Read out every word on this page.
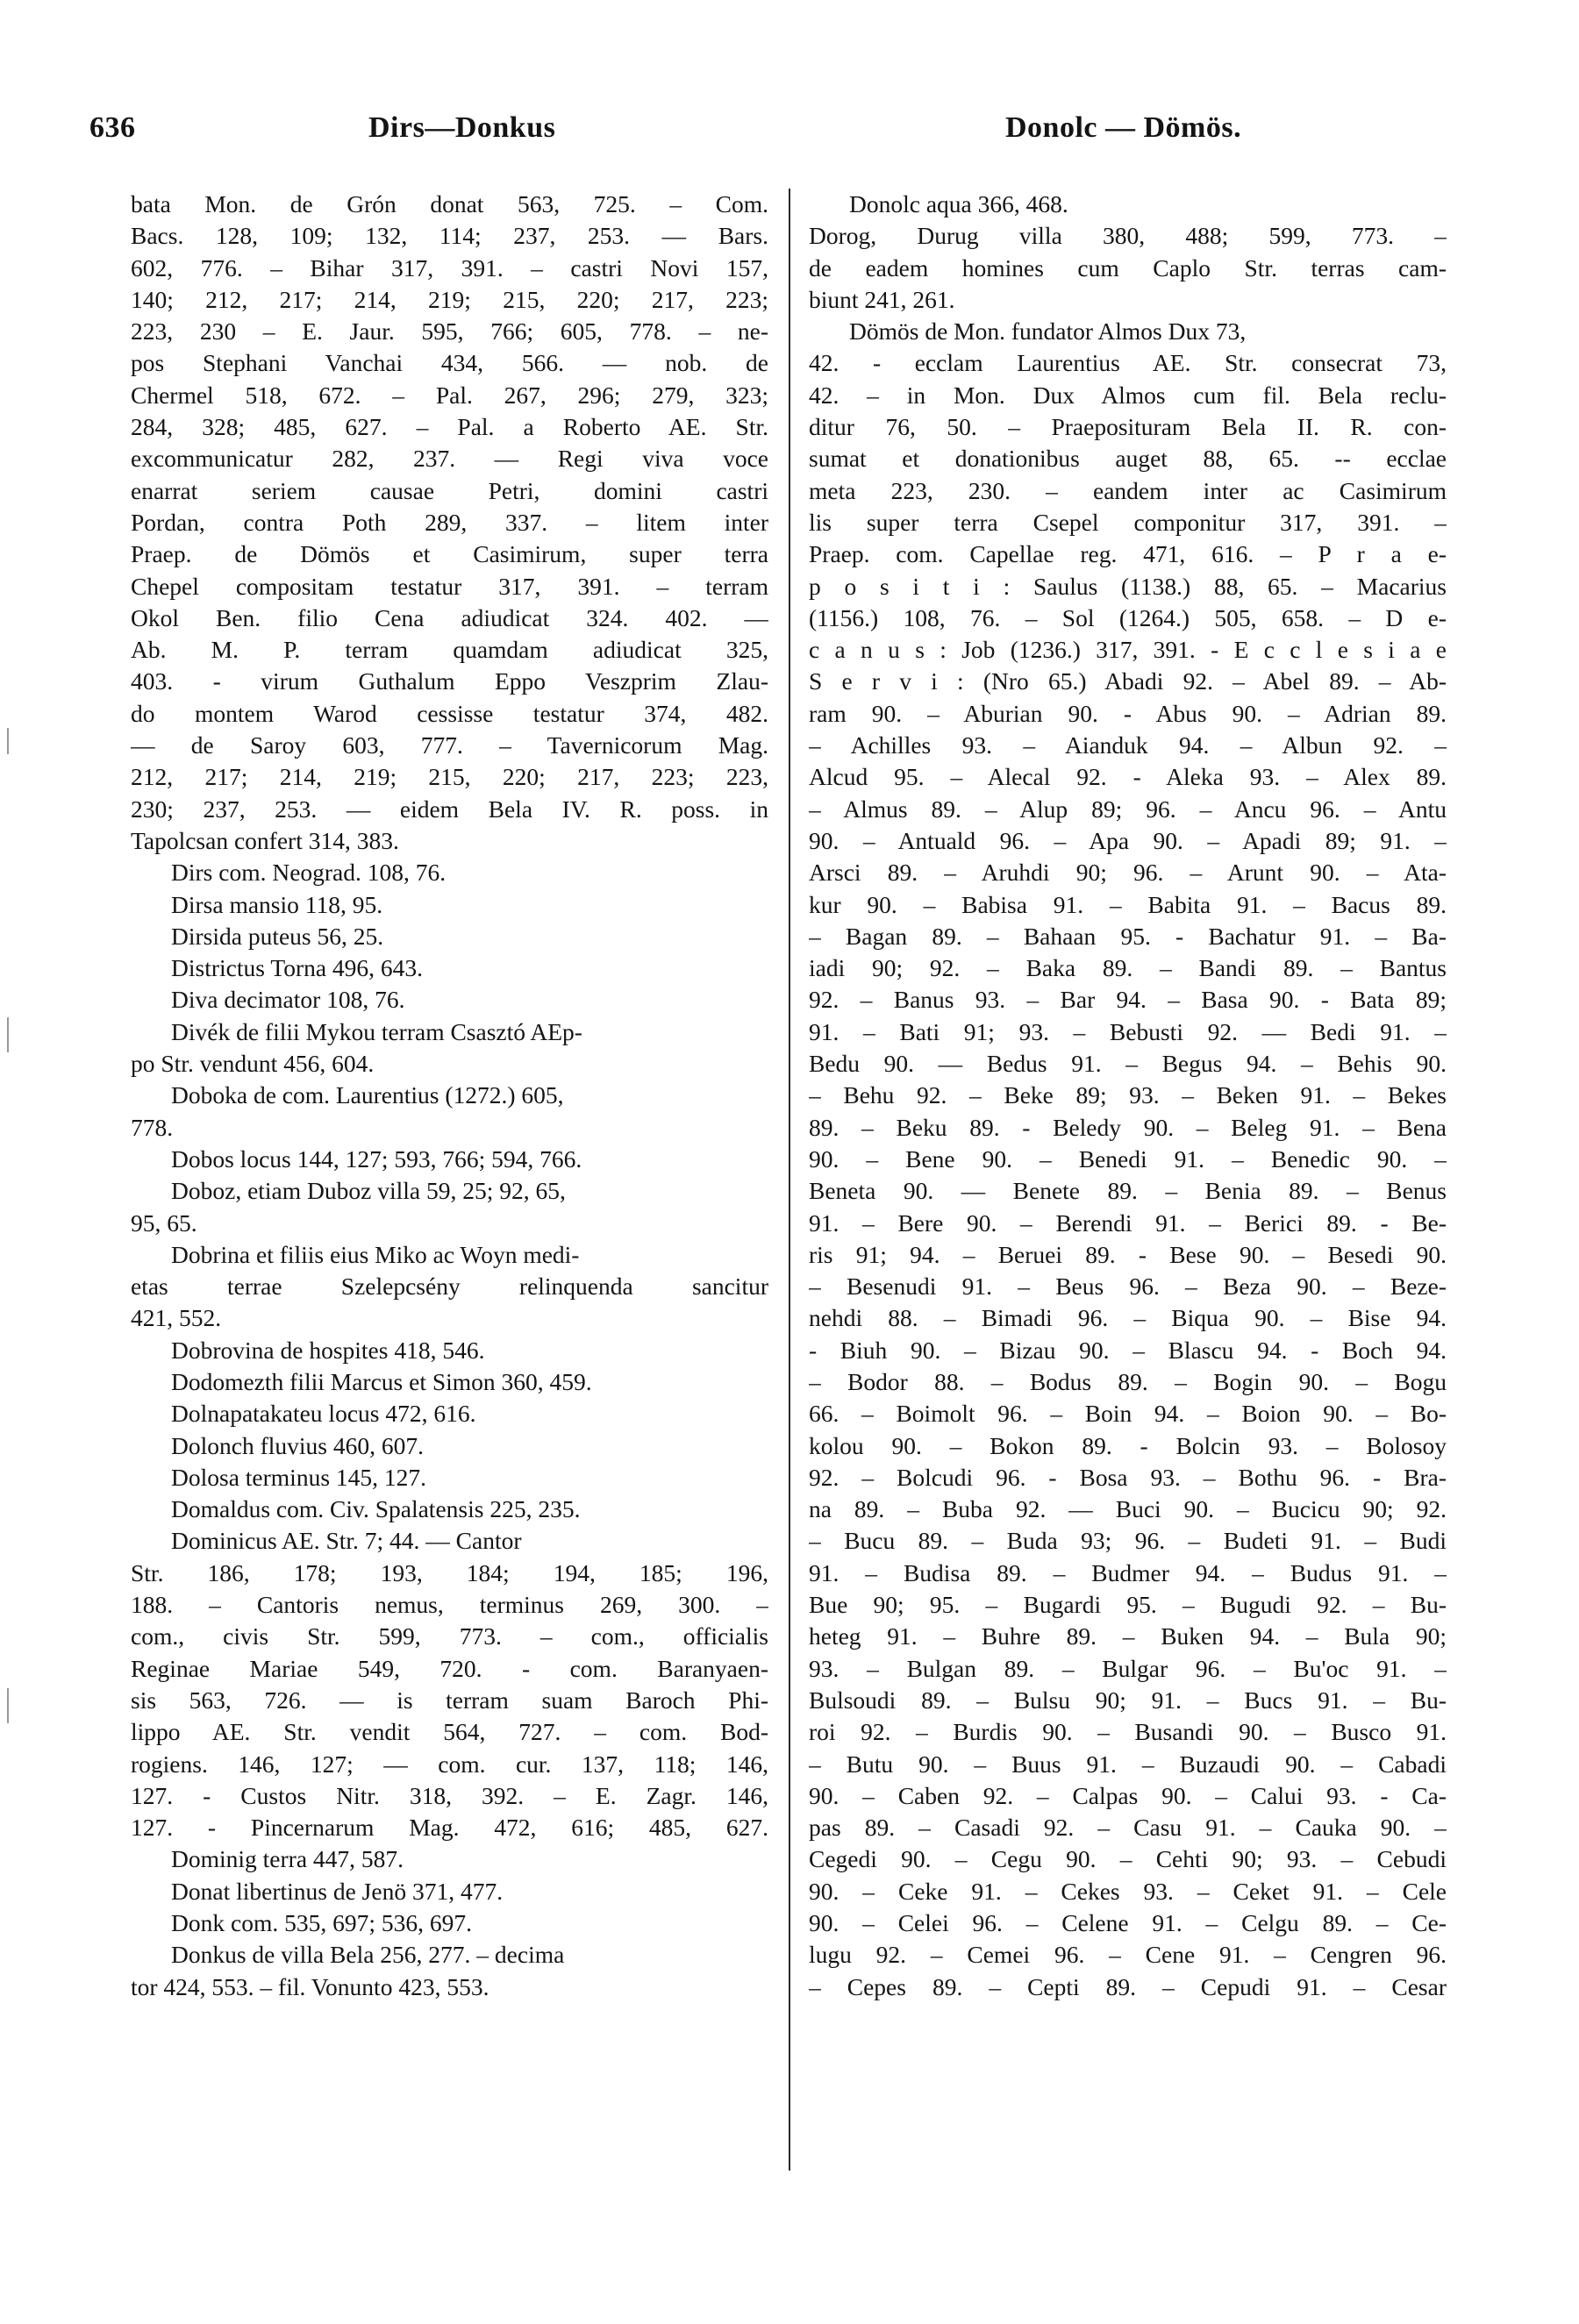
636	Dirs—Donkus	Donolc — Dömös.
bata Mon. de Grón donat 563, 725. – Com.
Bacs. 128, 109; 132, 114; 237, 253. — Bars.
602, 776. – Bihar 317, 391. – castri Novi 157,
140; 212, 217; 214, 219; 215, 220; 217, 223;
223, 230 – E. Jaur. 595, 766; 605, 778. – ne-
pos Stephani Vanchai 434, 566. — nob. de
Chermel 518, 672. – Pal. 267, 296; 279, 323;
284, 328; 485, 627. – Pal. a Roberto AE. Str.
excommunicatur 282, 237. — Regi viva voce
enarrat seriem causae Petri, domini castri
Pordan, contra Poth 289, 337. – litem inter
Praep. de Dömös et Casimirum, super terra
Chepel compositam testatur 317, 391. – terram
Okol Ben. filio Cena adiudicat 324. 402. —
Ab. M. P. terram quamdam adiudicat 325,
403. - virum Guthalum Eppo Veszprim Zlau-
do montem Warod cessisse testatur 374, 482.
— de Saroy 603, 777. – Tavernicorum Mag.
212, 217; 214, 219; 215, 220; 217, 223; 223,
230; 237, 253. — eidem Bela IV. R. poss. in
Tapolcsan confert 314, 383.
Dirs com. Neograd. 108, 76.
Dirsa mansio 118, 95.
Dirsida puteus 56, 25.
Districtus Torna 496, 643.
Diva decimator 108, 76.
Divék de filii Mykou terram Csasztó AEp-
po Str. vendunt 456, 604.
Doboka de com. Laurentius (1272.) 605,
778.
Dobos locus 144, 127; 593, 766; 594, 766.
Doboz, etiam Duboz villa 59, 25; 92, 65,
95, 65.
Dobrina et filiis eius Miko ac Woyn medi-
etas terrae Szelepcsény relinquenda sancitur
421, 552.
Dobrovina de hospites 418, 546.
Dodomezth filii Marcus et Simon 360, 459.
Dolnapatakateu locus 472, 616.
Dolonch fluvius 460, 607.
Dolosa terminus 145, 127.
Domaldus com. Civ. Spalatensis 225, 235.
Dominicus AE. Str. 7; 44. — Cantor
Str. 186, 178; 193, 184; 194, 185; 196,
188. – Cantoris nemus, terminus 269, 300. –
com., civis Str. 599, 773. – com., officialis
Reginae Mariae 549, 720. - com. Baranyaen-
sis 563, 726. — is terram suam Baroch Phi-
lippo AE. Str. vendit 564, 727. – com. Bod-
rogiens. 146, 127; — com. cur. 137, 118; 146,
127. - Custos Nitr. 318, 392. – E. Zagr. 146,
127. - Pincernarum Mag. 472, 616; 485, 627.
Dominig terra 447, 587.
Donat libertinus de Jenö 371, 477.
Donk com. 535, 697; 536, 697.
Donkus de villa Bela 256, 277. – decima
tor 424, 553. – fil. Vonunto 423, 553.
Donolc aqua 366, 468.
Dorog, Durug villa 380, 488; 599, 773. –
de eadem homines cum Caplo Str. terras cam-
biunt 241, 261.
Dömös de Mon. fundator Almos Dux 73,
42. - ecclam Laurentius AE. Str. consecrat 73,
42. – in Mon. Dux Almos cum fil. Bela reclu-
ditur 76, 50. – Praeposituram Bela II. R. con-
sumat et donationibus auget 88, 65. -- ecclae
meta 223, 230. – eandem inter ac Casimirum
lis super terra Csepel componitur 317, 391. –
Praep. com. Capellae reg. 471, 616. – P r a e-
p o s i t i : Saulus (1138.) 88, 65. – Macarius
(1156.) 108, 76. – Sol (1264.) 505, 658. – D e-
c a n u s : Job (1236.) 317, 391. - E c c l e s i a e
S e r v i : (Nro 65.) Abadi 92. – Abel 89. – Ab-
ram 90. – Aburian 90. - Abus 90. – Adrian 89.
– Achilles 93. – Aianduk 94. – Albun 92. –
Alcud 95. – Alecal 92. - Aleka 93. – Alex 89.
– Almus 89. – Alup 89; 96. – Ancu 96. – Antu
90. – Antuald 96. – Apa 90. – Apadi 89; 91. –
Arsci 89. – Aruhdi 90; 96. – Arunt 90. – Ata-
kur 90. – Babisa 91. – Babita 91. – Bacus 89.
– Bagan 89. – Bahaan 95. - Bachatur 91. – Ba-
iadi 90; 92. – Baka 89. – Bandi 89. – Bantus
92. – Banus 93. – Bar 94. – Basa 90. - Bata 89;
91. – Bati 91; 93. – Bebusti 92. — Bedi 91. –
Bedu 90. — Bedus 91. – Begus 94. – Behis 90.
– Behu 92. – Beke 89; 93. – Beken 91. – Bekes
89. – Beku 89. - Beledy 90. – Beleg 91. – Bena
90. – Bene 90. – Benedi 91. – Benedic 90. –
Beneta 90. — Benete 89. – Benia 89. – Benus
91. – Bere 90. – Berendi 91. – Berici 89. - Be-
ris 91; 94. – Beruei 89. - Bese 90. – Besedi 90.
– Besenudi 91. – Beus 96. – Beza 90. – Beze-
nehdi 88. – Bimadi 96. – Biqua 90. – Bise 94.
- Biuh 90. – Bizau 90. – Blascu 94. - Boch 94.
– Bodor 88. – Bodus 89. – Bogin 90. – Bogu
66. – Boimolt 96. – Boin 94. – Boion 90. – Bo-
kolou 90. – Bokon 89. - Bolcin 93. – Bolosoy
92. – Bolcudi 96. - Bosa 93. – Bothu 96. - Bra-
na 89. – Buba 92. — Buci 90. – Bucicu 90; 92.
– Bucu 89. – Buda 93; 96. – Budeti 91. – Budi
91. – Budisa 89. – Budmer 94. – Budus 91. –
Bue 90; 95. – Bugardi 95. – Bugudi 92. – Bu-
heteg 91. – Buhre 89. – Buken 94. – Bula 90;
93. – Bulgan 89. – Bulgar 96. – Bu'oc 91. –
Bulsoudi 89. – Bulsu 90; 91. – Bucs 91. – Bu-
roi 92. – Burdis 90. – Busandi 90. – Busco 91.
– Butu 90. – Buus 91. – Buzaudi 90. – Cabadi
90. – Caben 92. – Calpas 90. – Calui 93. - Ca-
pas 89. – Casadi 92. – Casu 91. – Cauka 90. –
Cegedi 90. – Cegu 90. – Cehti 90; 93. – Cebudi
90. – Ceke 91. – Cekes 93. – Ceket 91. – Cele
90. – Celei 96. – Celene 91. – Celgu 89. – Ce-
lugu 92. – Cemei 96. – Cene 91. – Cengren 96.
– Cepes 89. – Cepti 89. – Cepudi 91. – Cesar
